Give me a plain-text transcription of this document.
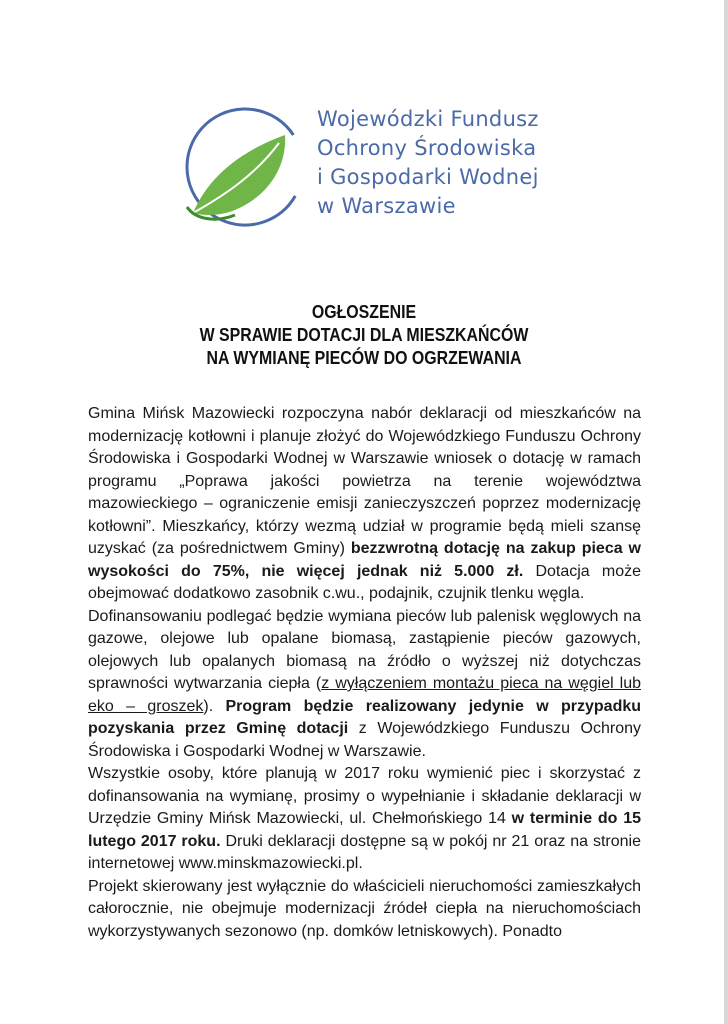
Wojewódzki Fundusz
Ochrony Środowiska
i Gospodarki Wodnej
w Warszawie
OGŁOSZENIE
W SPRAWIE DOTACJI DLA MIESZKAŃCÓW
NA WYMIANĘ PIECÓW DO OGRZEWANIA

Gmina Mińsk Mazowiecki rozpoczyna nabór deklaracji od mieszkańców na modernizację kotłowni i planuje złożyć do Wojewódzkiego Funduszu Ochrony Środowiska i Gospodarki Wodnej w Warszawie wniosek o dotację w ramach programu „Poprawa jakości powietrza na terenie województwa mazowieckiego – ograniczenie emisji zanieczyszczeń poprzez modernizację kotłowni”. Mieszkańcy, którzy wezmą udział w programie będą mieli szansę uzyskać (za pośrednictwem Gminy) bezzwrotną dotację na zakup pieca w wysokości do 75%, nie więcej jednak niż 5.000 zł. Dotacja może obejmować dodatkowo zasobnik c.wu., podajnik, czujnik tlenku węgla.

Dofinansowaniu podlegać będzie wymiana pieców lub palenisk węglowych na gazowe, olejowe lub opalane biomasą, zastąpienie pieców gazowych, olejowych lub opalanych biomasą na źródło o wyższej niż dotychczas sprawności wytwarzania ciepła (z wyłączeniem montażu pieca na węgiel lub eko – groszek). Program będzie realizowany jedynie w przypadku pozyskania przez Gminę dotacji z Wojewódzkiego Funduszu Ochrony Środowiska i Gospodarki Wodnej w Warszawie.

Wszystkie osoby, które planują w 2017 roku wymienić piec i skorzystać z dofinansowania na wymianę, prosimy o wypełnianie i składanie deklaracji w Urzędzie Gminy Mińsk Mazowiecki, ul. Chełmońskiego 14 w terminie do 15 lutego 2017 roku. Druki deklaracji dostępne są w pokój nr 21 oraz na stronie internetowej www.minskmazowiecki.pl.

Projekt skierowany jest wyłącznie do właścicieli nieruchomości zamieszkałych całorocznie, nie obejmuje modernizacji źródeł ciepła na nieruchomościach wykorzystywanych sezonowo (np. domków letniskowych). Ponadto
